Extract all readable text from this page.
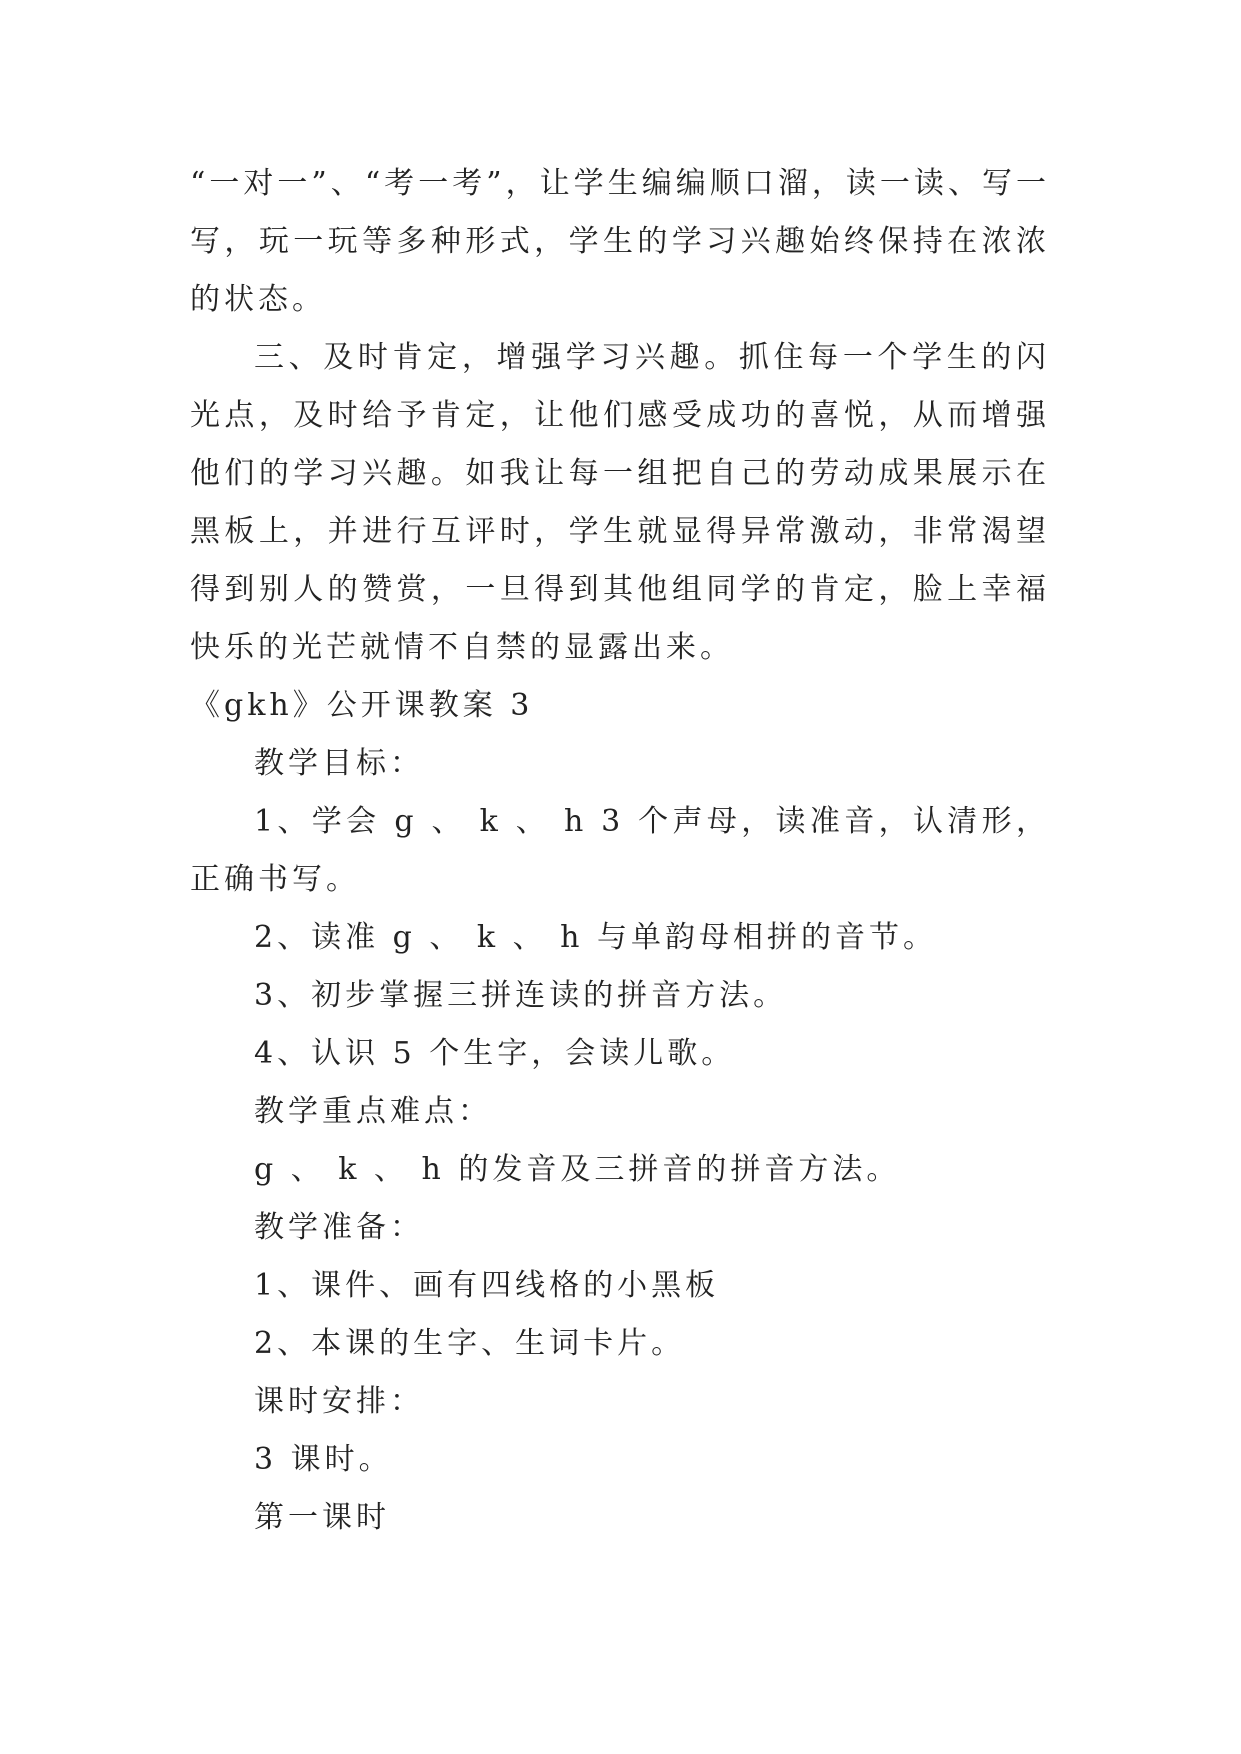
“一对一”、“考一考”，让学生编编顺口溜，读一读、写一写，玩一玩等多种形式，学生的学习兴趣始终保持在浓浓的状态。

三、及时肯定，增强学习兴趣。抓住每一个学生的闪光点，及时给予肯定，让他们感受成功的喜悦，从而增强他们的学习兴趣。如我让每一组把自己的劳动成果展示在黑板上，并进行互评时，学生就显得异常激动，非常渴望得到别人的赞赏，一旦得到其他组同学的肯定，脸上幸福快乐的光芒就情不自禁的显露出来。

《gkh》公开课教案 3

教学目标：

1、学会 g 、 k 、 h 3 个声母，读准音，认清形，正确书写。

2、读准 g 、 k 、 h 与单韵母相拼的音节。

3、初步掌握三拼连读的拼音方法。

4、认识 5 个生字，会读儿歌。

教学重点难点：

g 、 k 、 h 的发音及三拼音的拼音方法。

教学准备：

1、课件、画有四线格的小黑板

2、本课的生字、生词卡片。

课时安排：

3 课时。

第一课时
